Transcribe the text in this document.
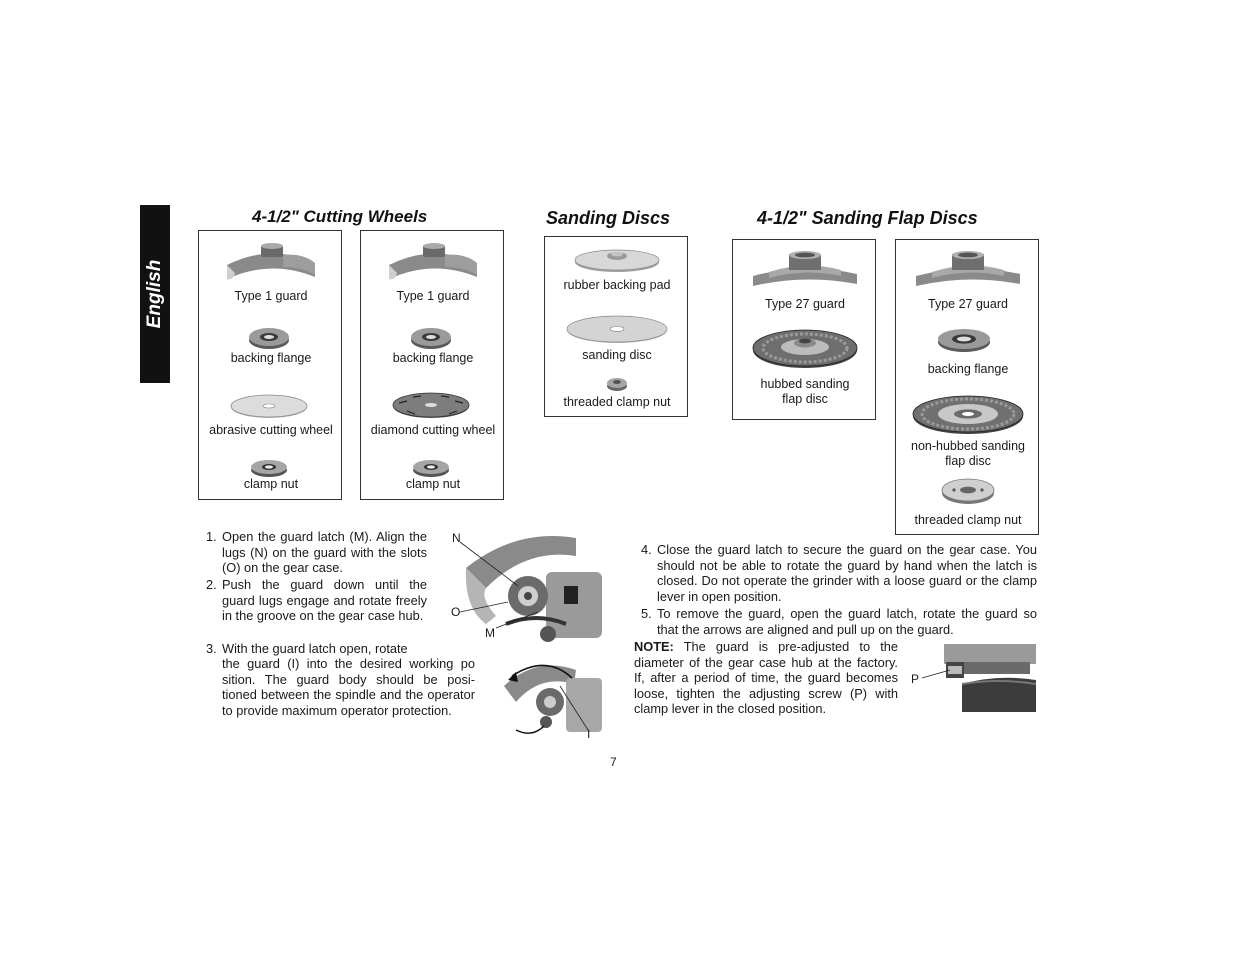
English
4-1/2" Cutting Wheels	Sanding Discs	4-1/2" Sanding Flap Discs
Type 1 guard
backing flange
abrasive cutting wheel
clamp nut
Type 1 guard
backing flange
diamond cutting wheel
clamp nut
rubber backing pad
sanding disc
threaded clamp nut
Type 27 guard
hubbed sanding
flap disc
Type 27 guard
backing flange
non-hubbed sanding
flap disc
threaded clamp nut
1. Open the guard latch (M). Align the lugs (N) on the guard with the slots (O) on the gear case.
2. Push the guard down until the guard lugs engage and rotate freely in the groove on the gear case hub.
3. With the guard latch open, rotate
the guard (I) into the desired working po sition. The guard body should be posi- tioned between the spindle and the operator to provide maximum operator protection.
N
O
M
I
4. Close the guard latch to secure the guard on the gear case. You should not be able to rotate the guard by hand when the latch is closed. Do not operate the grinder with a loose guard or the clamp lever in open position.
5. To remove the guard, open the guard latch, rotate the guard so that the arrows are aligned and pull up on the guard.
NOTE: The guard is pre-adjusted to the diameter of the gear case hub at the factory. If, after a period of time, the guard becomes loose, tighten the adjusting screw (P) with clamp lever in the closed position.
P
7
